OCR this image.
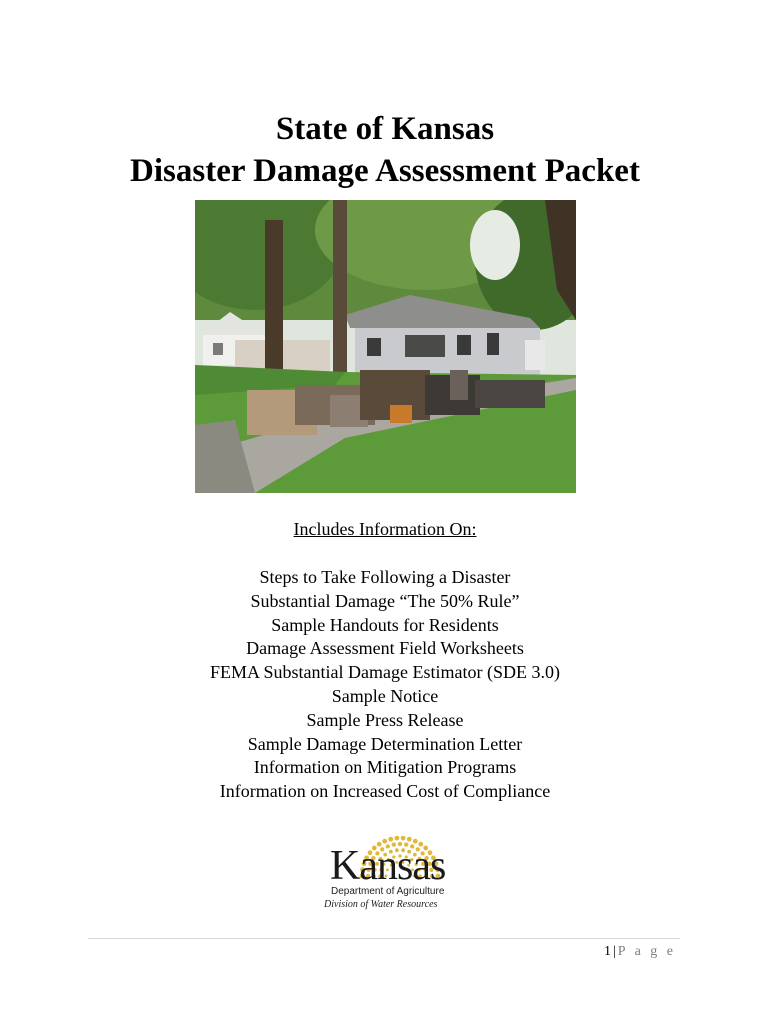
State of Kansas
Disaster Damage Assessment Packet
Includes Information On:
Steps to Take Following a Disaster
Substantial Damage “The 50% Rule”
Sample Handouts for Residents
Damage Assessment Field Worksheets
FEMA Substantial Damage Estimator (SDE 3.0)
Sample Notice
Sample Press Release
Sample Damage Determination Letter
Information on Mitigation Programs
Information on Increased Cost of Compliance
Kansas
Department of Agriculture
Division of Water Resources
1 | P a g e
